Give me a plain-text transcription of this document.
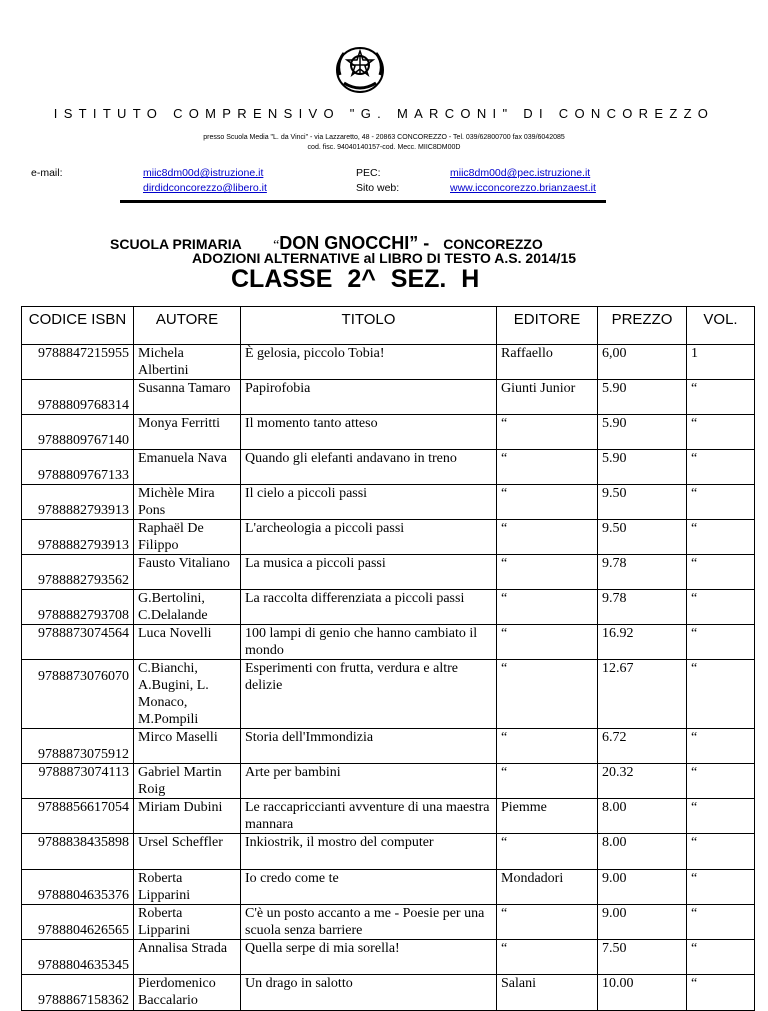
ISTITUTO COMPRENSIVO "G. MARCONI" DI CONCOREZZO
presso Scuola Media "L. da Vinci" - via Lazzaretto, 48 - 20863 CONCOREZZO - Tel. 039/62800700 fax 039/6042085
cod. fisc. 94040140157-cod. Mecc. MIIC8DM00D
e-mail:	miic8dm00d@istruzione.it
dirdidconcorezzo@libero.it
PEC:
Sito web:
miic8dm00d@pec.istruzione.it
www.icconcorezzo.brianzaest.it
SCUOLA PRIMARIA “DON GNOCCHI” - CONCOREZZO
ADOZIONI ALTERNATIVE al LIBRO DI TESTO A.S. 2014/15
CLASSE 2^ SEZ. H
CODICE ISBN	AUTORE	TITOLO	EDITORE	PREZZO	VOL.
9788847215955	Michela Albertini	È gelosia, piccolo Tobia!	Raffaello	6,00	1

9788809768314	Susanna Tamaro	Papirofobia	Giunti Junior	5.90	“

9788809767140	Monya Ferritti	Il momento tanto atteso	“	5.90	“

9788809767133	Emanuela Nava	Quando gli elefanti andavano in treno	“	5.90	“

9788882793913	Michèle Mira Pons	Il cielo a piccoli passi	“	9.50	“

9788882793913	Raphaël De Filippo	L'archeologia a piccoli passi	“	9.50	“

9788882793562	Fausto Vitaliano	La musica a piccoli passi	“	9.78	“

9788882793708	G.Bertolini, C.Delalande	La raccolta differenziata a piccoli passi	“	9.78	“
9788873074564	Luca Novelli	100 lampi di genio che hanno cambiato il mondo	“	16.92	“
9788873076070	C.Bianchi, A.Bugini, L. Monaco, M.Pompili	Esperimenti con frutta, verdura e altre delizie	“	12.67	“

9788873075912	Mirco Maselli	Storia dell'Immondizia	“	6.72	“
9788873074113	Gabriel Martin Roig	Arte per bambini	“	20.32	“
9788856617054	Miriam Dubini	Le raccapriccianti avventure di una maestra mannara	Piemme	8.00	“
9788838435898	Ursel Scheffler	Inkiostrik, il mostro del computer	“	8.00	“

9788804635376	Roberta Lipparini	Io credo come te	Mondadori	9.00	“

9788804626565	Roberta Lipparini	C'è un posto accanto a me - Poesie per una scuola senza barriere	“	9.00	“

9788804635345	Annalisa Strada	Quella serpe di mia sorella!	“	7.50	“

9788867158362	Pierdomenico Baccalario	Un drago in salotto	Salani	10.00	“
